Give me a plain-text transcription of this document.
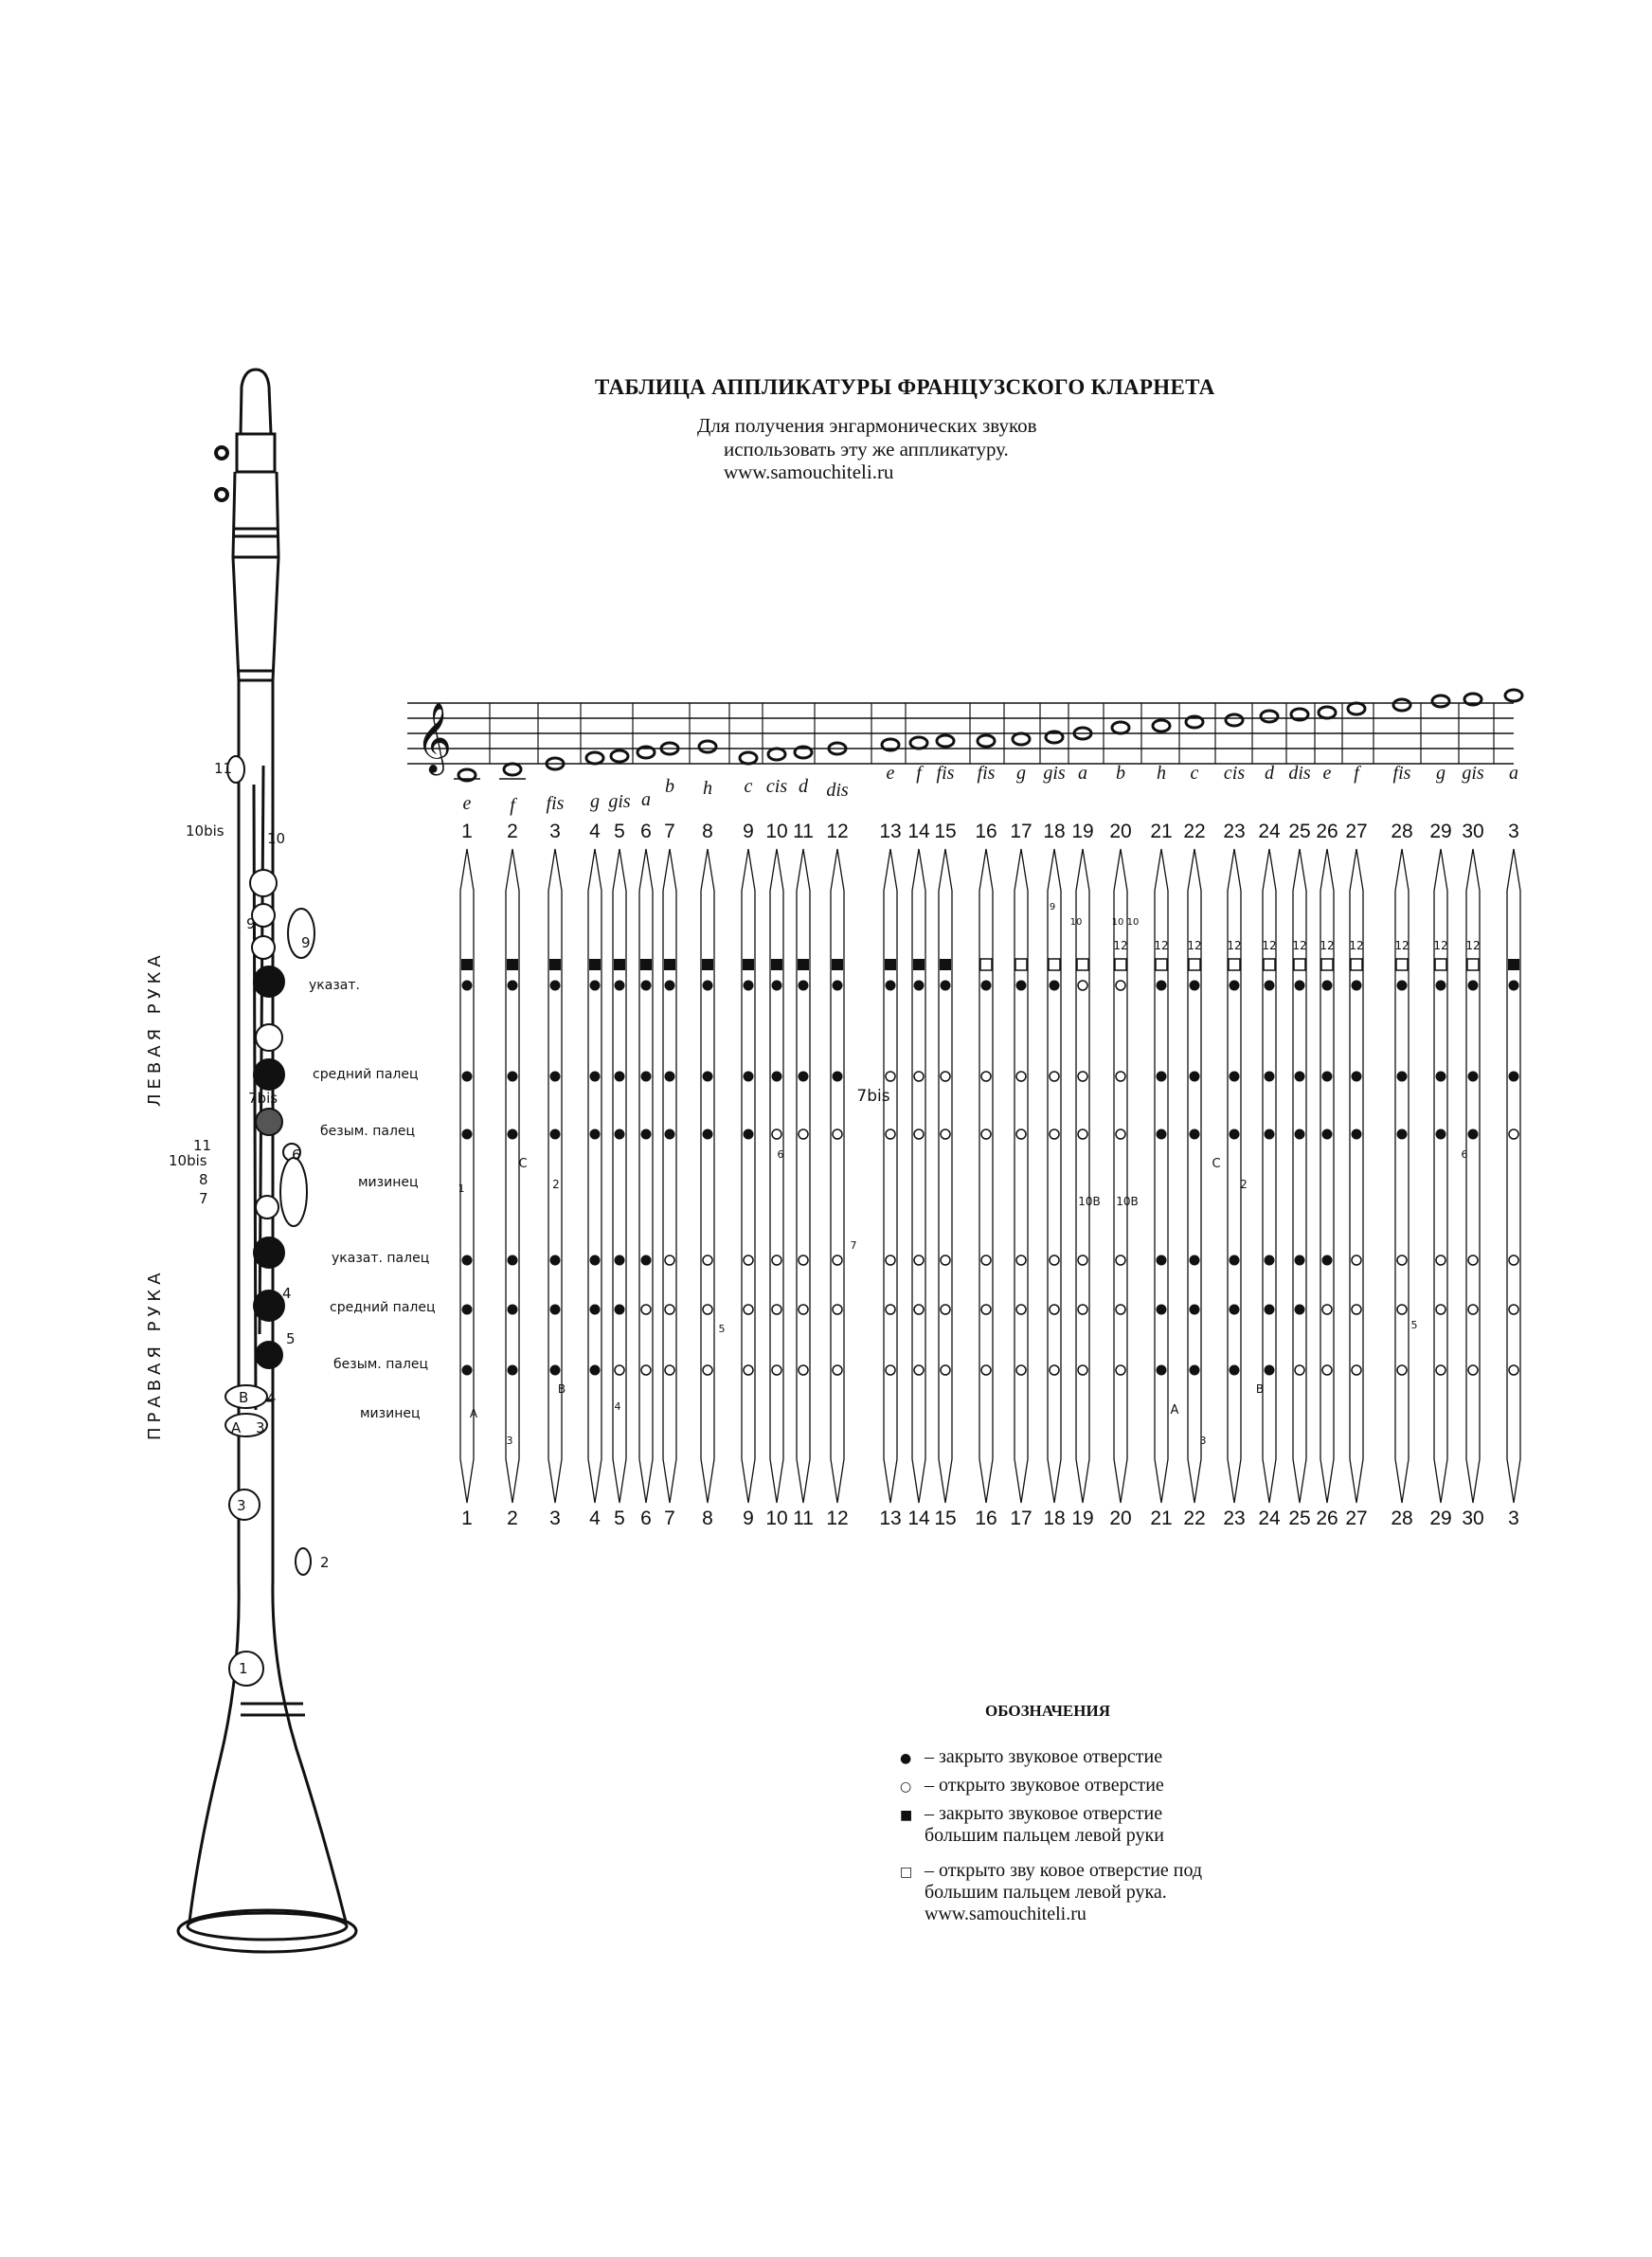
ТАБЛИЦА АППЛИКАТУРЫ ФРАНЦУЗСКОГО КЛАРНЕТА
Для получения энгармонических звуков
использовать эту же аппликатуру.
www.samouchiteli.ru
ЛЕВАЯ РУКА
ПРАВАЯ РУКА
указат.
средний палец
безым. палец
мизинец
указат. палец
средний палец
безым. палец
мизинец
11
10bis	10
9
9
7bis
11
10bis
8
7
6
4
5
B 4
A 3
3
2
1
𝄞
e f fis g gis a
b h c cis d dis
e f fis fis g gis a b h c cis d dis e f fis g gis a
1
1
2
2
3
3
4
4
5
5
6
6
7
7
8
8
9
9
10
10
11
11
12
12
13
13
14
14
15
15
16
16
17
17
18
18
19
19
20
20
21
21
22
22
23
23
24
24
25
25
26
26
27
27
28
28
29
29
30
30
3
3
12 12 12 12 12 12 12 12	12 12 12
7bis
C
2
1
6
10B 10B
C
2
6
A
3
B
4	A
3
B
5	5
7
9
10	10 10
ОБОЗНАЧЕНИЯ
● – закрыто звуковое отверстие
○ – открыто звуковое отверстие
■ – закрыто звуковое отверстие
большим пальцем левой руки
□ – открыто зву ковое отверстие под
большим пальцем левой рука.
www.samouchiteli.ru
